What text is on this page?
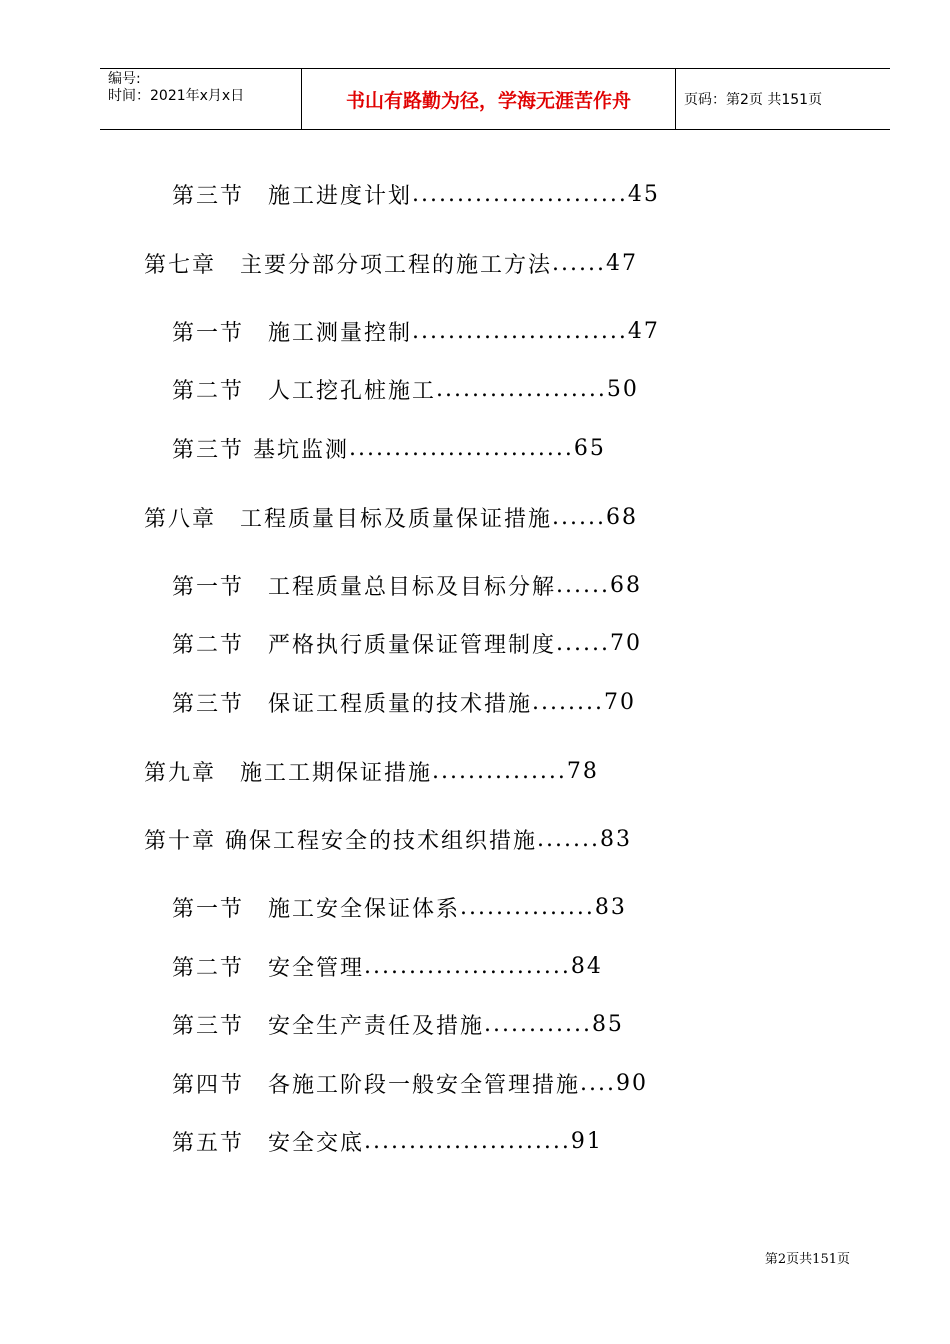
编号:
时间：2021年x月x日	书山有路勤为径，学海无涯苦作舟	页码：第2页 共151页
第三节　施工进度计划 ........................ 45
第七章　主要分部分项工程的施工方法 ...... 47
第一节　施工测量控制 ........................ 47
第二节　人工挖孔桩施工 ................... 50
第三节 基坑监测 ......................... 65
第八章　工程质量目标及质量保证措施 ...... 68
第一节　工程质量总目标及目标分解 ...... 68
第二节　严格执行质量保证管理制度 ...... 70
第三节　保证工程质量的技术措施 ........ 70
第九章　施工工期保证措施 ............... 78
第十章 确保工程安全的技术组织措施 ....... 83
第一节　施工安全保证体系 ............... 83
第二节　安全管理 ....................... 84
第三节　安全生产责任及措施 ............ 85
第四节　各施工阶段一般安全管理措施 .... 90
第五节　安全交底 ....................... 91
第2页共151页
